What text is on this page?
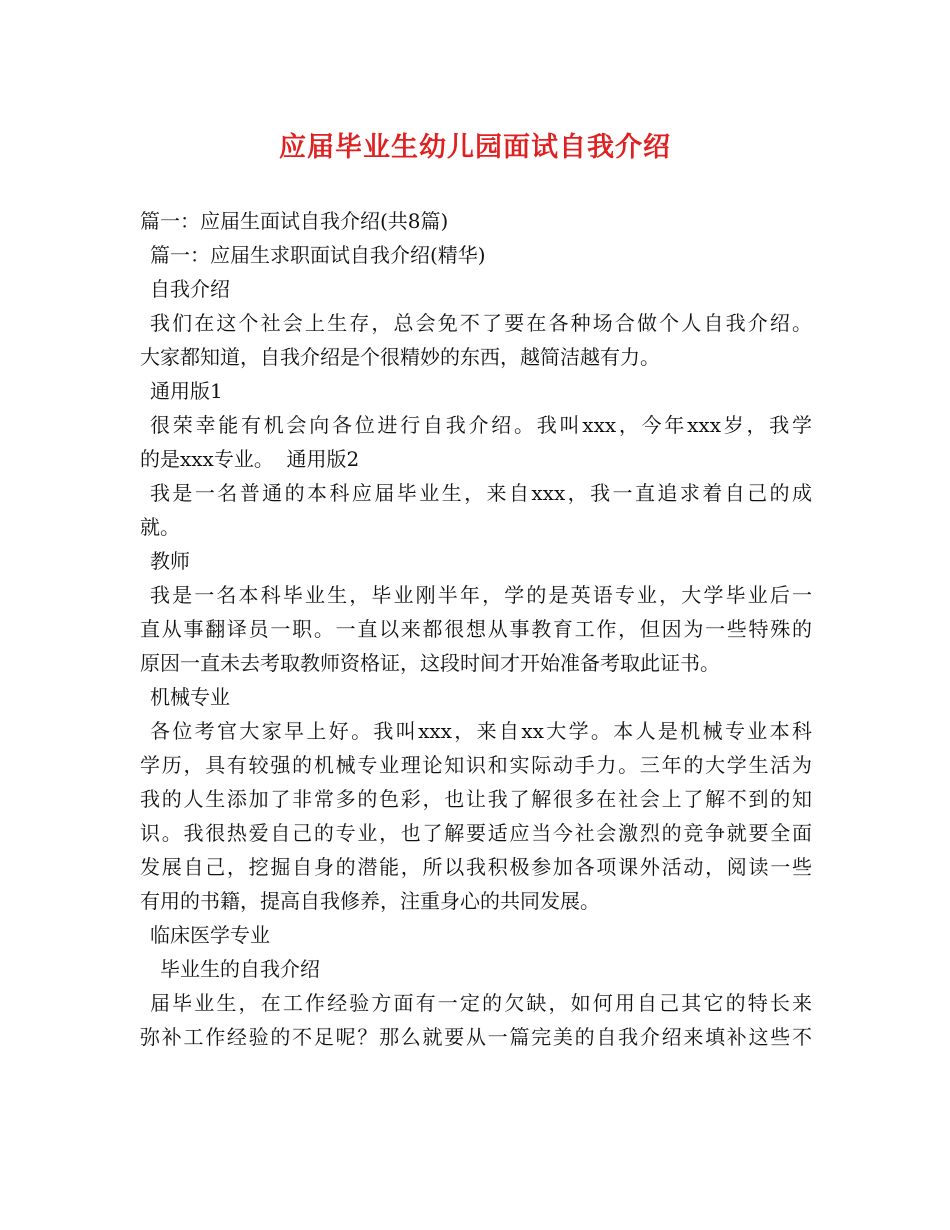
应届毕业生幼儿园面试自我介绍
篇一：应届生面试自我介绍(共8篇)
篇一：应届生求职面试自我介绍(精华)
自我介绍
我们在这个社会上生存，总会免不了要在各种场合做个人自我介绍。
大家都知道，自我介绍是个很精妙的东西，越简洁越有力。
通用版1
很荣幸能有机会向各位进行自我介绍。我叫xxx，今年xxx岁，我学
的是xxx专业。  通用版2
我是一名普通的本科应届毕业生，来自xxx，我一直追求着自己的成
就。
教师
我是一名本科毕业生，毕业刚半年，学的是英语专业，大学毕业后一
直从事翻译员一职。一直以来都很想从事教育工作，但因为一些特殊的
原因一直未去考取教师资格证，这段时间才开始准备考取此证书。
机械专业
各位考官大家早上好。我叫xxx，来自xx大学。本人是机械专业本科
学历，具有较强的机械专业理论知识和实际动手力。三年的大学生活为
我的人生添加了非常多的色彩，也让我了解很多在社会上了解不到的知
识。我很热爱自己的专业，也了解要适应当今社会激烈的竞争就要全面
发展自己，挖掘自身的潜能，所以我积极参加各项课外活动，阅读一些
有用的书籍，提高自我修养，注重身心的共同发展。
临床医学专业
毕业生的自我介绍
届毕业生，在工作经验方面有一定的欠缺，如何用自己其它的特长来
弥补工作经验的不足呢？那么就要从一篇完美的自我介绍来填补这些不
